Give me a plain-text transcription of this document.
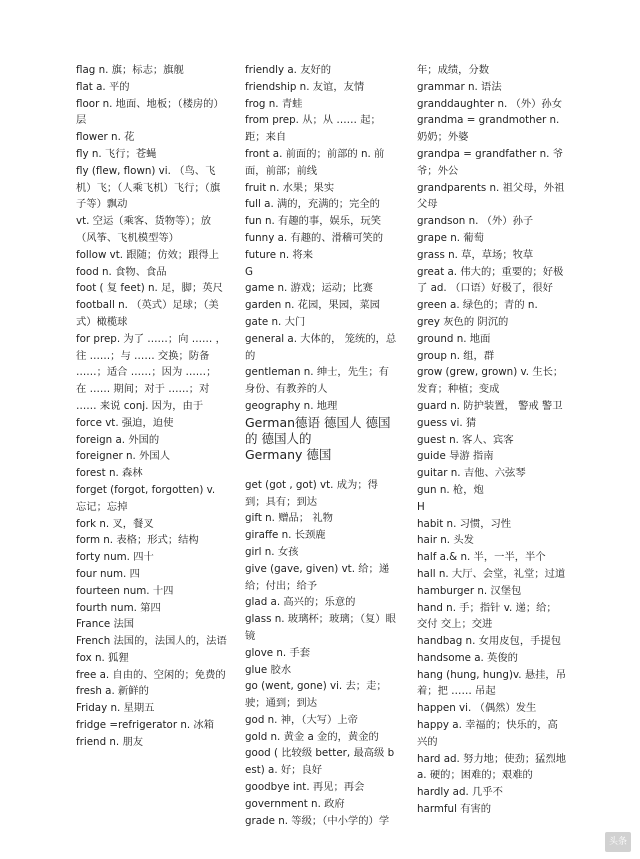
flag n. 旗；标志；旗舰
flat a. 平的
floor n. 地面、地板；（楼房的）层
flower n. 花
fly n. 飞行；苍蝇
fly (flew, flown) vi. （鸟、飞机）飞；（人乘飞机）飞行；（旗子等）飘动
vt. 空运（乘客、货物等）；放（风筝、飞机模型等）
follow vt. 跟随；仿效；跟得上
food n. 食物、食品
foot ( 复 feet) n. 足，脚；英尺
football n. （英式）足球；（美式）橄榄球
for prep. 为了 ……；向 …… ，往 ……；与 …… 交换；防备 ……；适合 ……；因为 ……；
在 …… 期间；对于 ……；对 …… 来说 conj. 因为，由于
force vt. 强迫，迫使
foreign a. 外国的
foreigner n. 外国人
forest n. 森林
forget (forgot, forgotten) v. 忘记；忘掉
fork n. 叉，餐叉
form n. 表格；形式；结构
forty num. 四十
four num. 四
fourteen num. 十四
fourth num. 第四
France 法国
French 法国的，法国人的，法语
fox n. 狐狸
free a. 自由的、空闲的；免费的
fresh a. 新鲜的
Friday n. 星期五
fridge =refrigerator n. 冰箱
friend n. 朋友
friendly a. 友好的
friendship n. 友谊，友情
frog n. 青蛙
from prep. 从；从 …… 起；距；来自
front a. 前面的；前部的 n. 前面，前部；前线
fruit n. 水果；果实
full a. 满的，充满的；完全的
fun n. 有趣的事，娱乐，玩笑
funny a. 有趣的、滑稽可笑的
future n. 将来
G
game n. 游戏；运动；比赛
garden n. 花园，果园，菜园
gate n. 大门
general a. 大体的， 笼统的，总的
gentleman n. 绅士，先生；有身份、有教养的人
geography n. 地理
German德语 德国人 德国的 德国人的
Germany 德国
get (got , got) vt. 成为；得到；具有；到达
gift n. 赠品； 礼物
giraffe n. 长颈鹿
girl n. 女孩
give (gave, given) vt. 给；递给；付出；给予
glad a. 高兴的；乐意的
glass n. 玻璃杯；玻璃；（复）眼镜
glove n. 手套
glue 胶水
go (went, gone) vi. 去；走；驶；通到；到达
god n. 神，（大写）上帝
gold n. 黄金 a 金的，黄金的
good ( 比较级 better, 最高级 best) a. 好；良好
goodbye int. 再见；再会
government n. 政府
grade n. 等级；（中小学的）学
年；成绩，分数
grammar n. 语法
granddaughter n. （外）孙女
grandma = grandmother n. 奶奶；外婆
grandpa = grandfather n. 爷爷；外公
grandparents n. 祖父母，外祖父母
grandson n. （外）孙子
grape n. 葡萄
grass n. 草，草场；牧草
great a. 伟大的；重要的；好极了 ad. （口语）好极了，很好
green a. 绿色的；青的 n.
grey 灰色的 阴沉的
ground n. 地面
group n. 组，群
grow (grew, grown) v. 生长；发育；种植；变成
guard n. 防护装置， 警戒 警卫
guess vi. 猜
guest n. 客人、宾客
guide 导游 指南
guitar n. 吉他、六弦琴
gun n. 枪，炮
H
habit n. 习惯，习性
hair n. 头发
half a.& n. 半，一半，半个
hall n. 大厅、会堂，礼堂；过道
hamburger n. 汉堡包
hand n. 手；指针 v. 递；给；交付 交上；交进
handbag n. 女用皮包，手提包
handsome a. 英俊的
hang (hung, hung)v. 悬挂，吊着；把 …… 吊起
happen vi. （偶然）发生
happy a. 幸福的；快乐的，高兴的
hard ad. 努力地；使劲；猛烈地 a. 硬的；困难的；艰难的
hardly ad. 几乎不
harmful 有害的
头条
